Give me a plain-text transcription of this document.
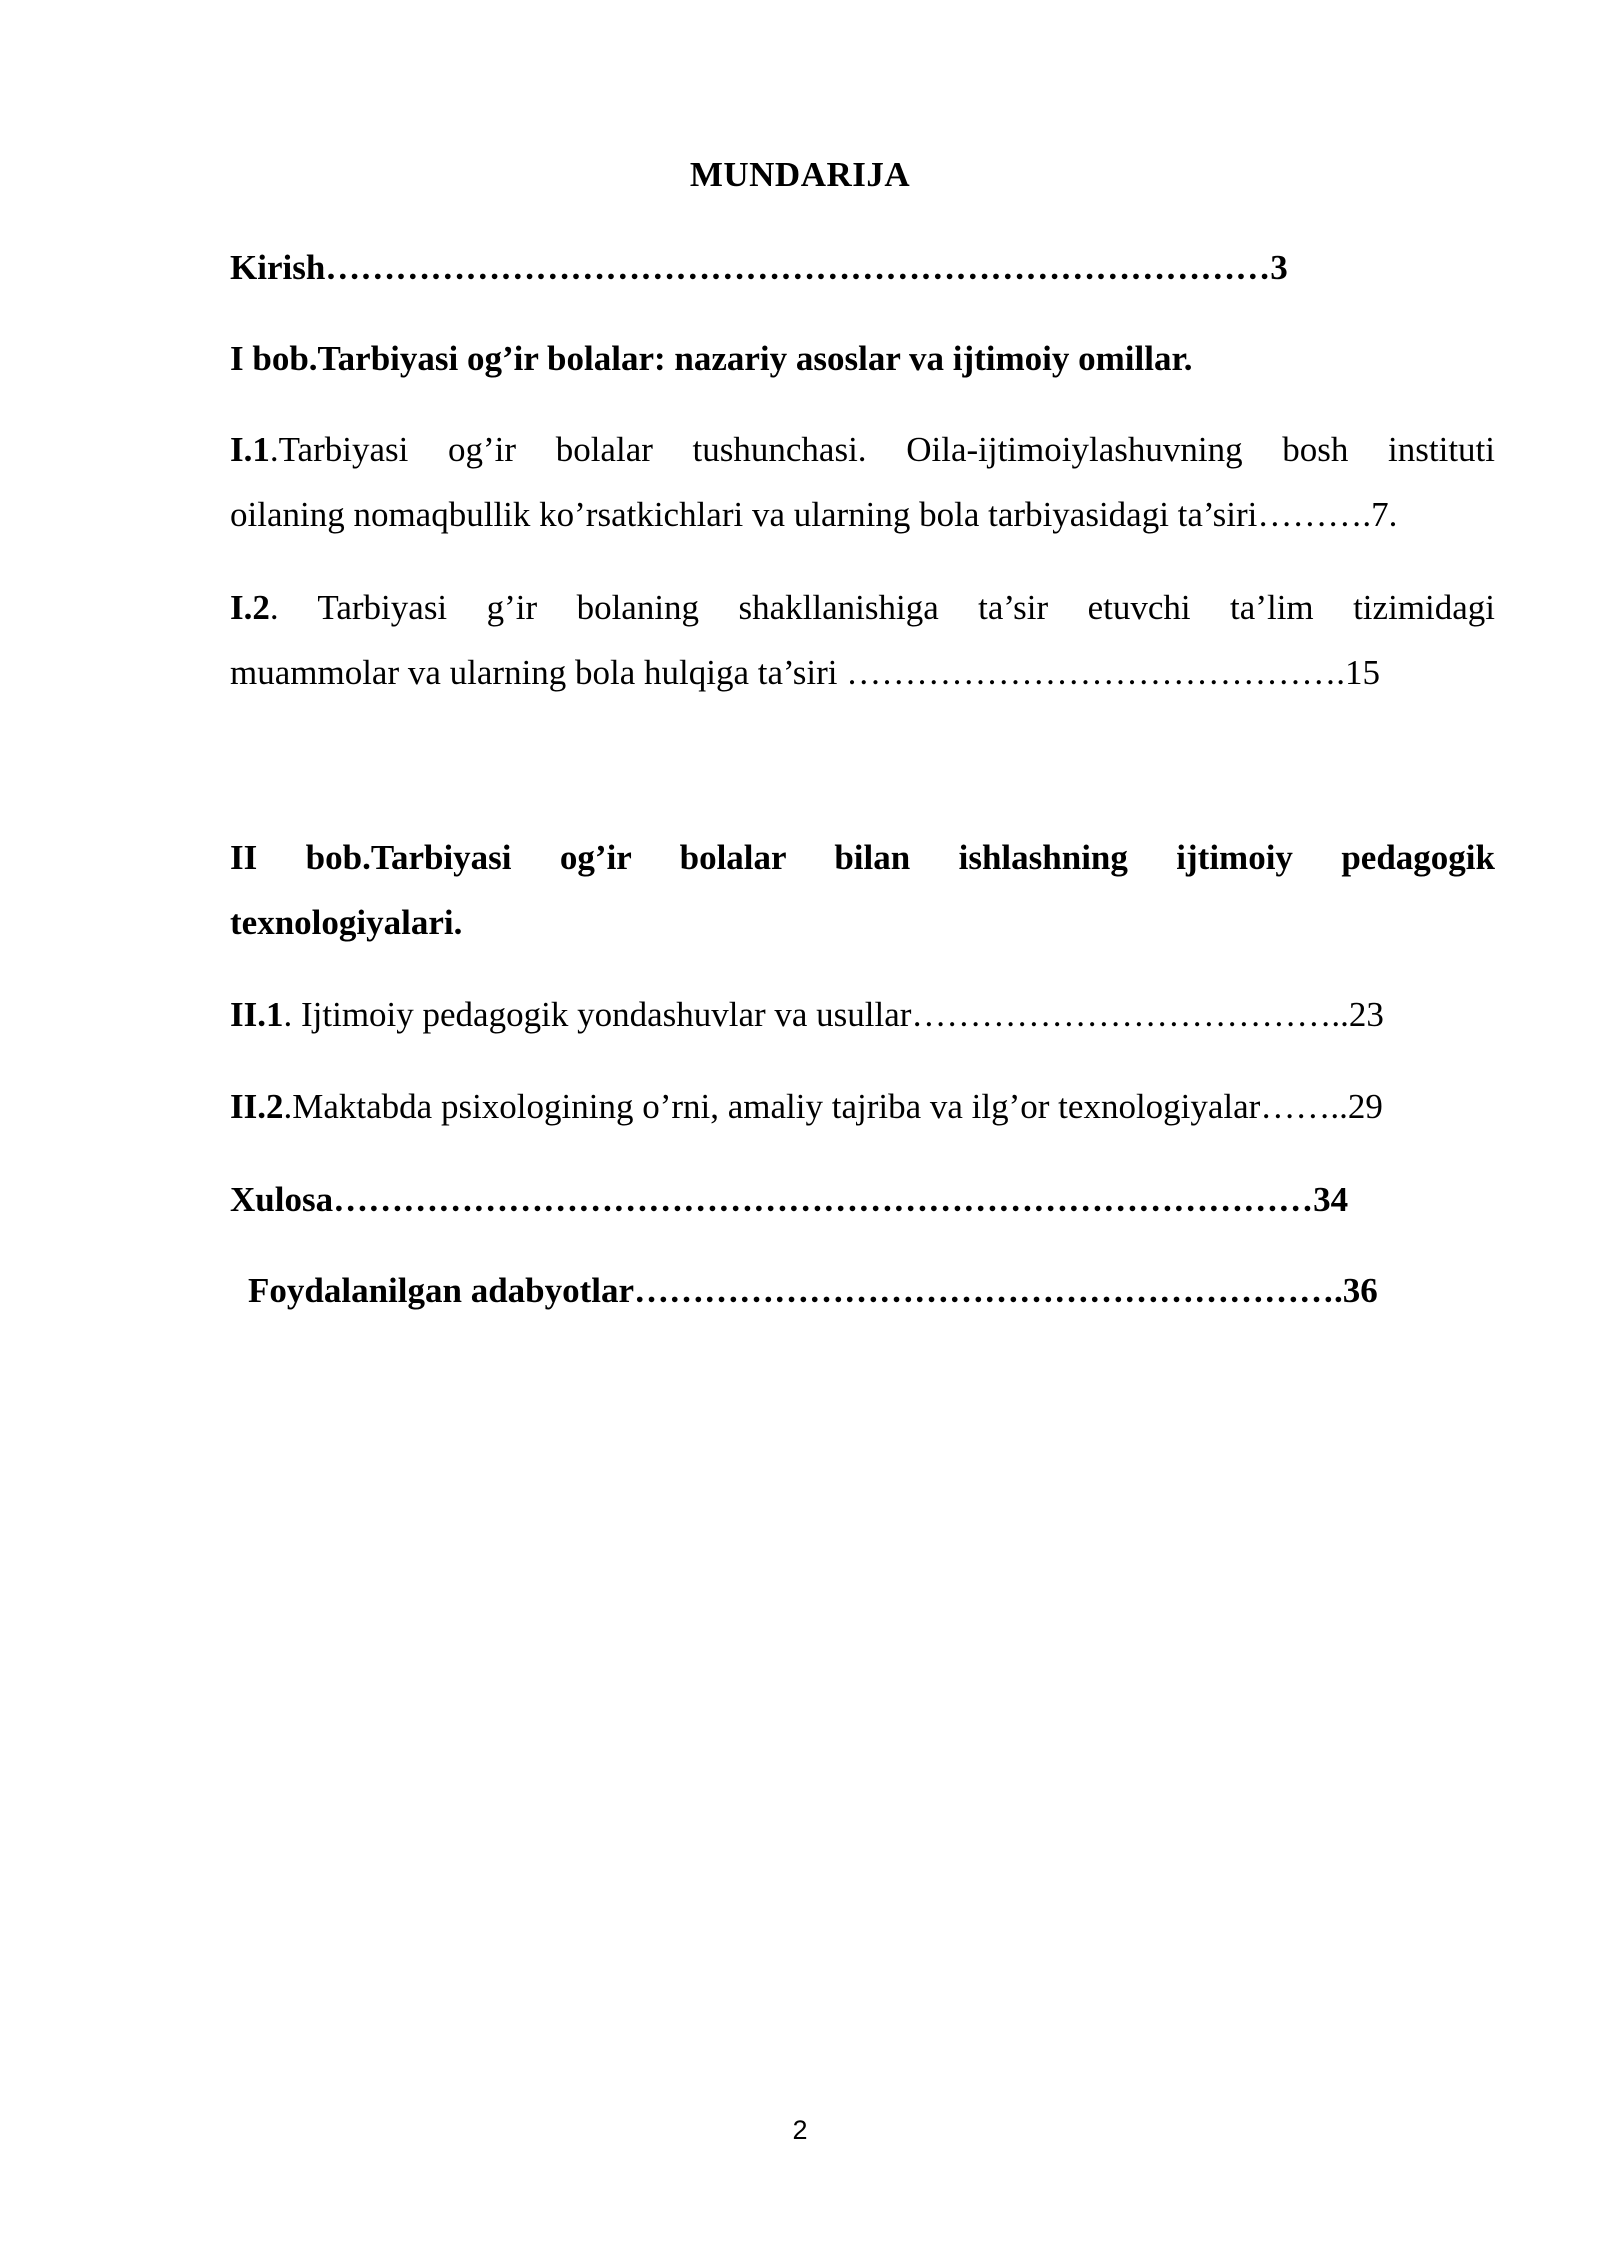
MUNDARIJA
Kirish………………………………………………………………………3
I bob.Tarbiyasi og’ir bolalar: nazariy asoslar va ijtimoiy omillar.
I.1.Tarbiyasi og’ir bolalar tushunchasi. Oila-ijtimoiylashuvning bosh instituti
oilaning nomaqbullik ko’rsatkichlari va ularning bola tarbiyasidagi ta’siri……….7.
I.2. Tarbiyasi g’ir bolaning shakllanishiga ta’sir etuvchi ta’lim tizimidagi
muammolar va ularning bola hulqiga ta’siri …………………………………….15
II bob.Tarbiyasi og’ir bolalar bilan ishlashning ijtimoiy pedagogik
texnologiyalari.
II.1. Ijtimoiy pedagogik yondashuvlar va usullar………………………………..23
II.2.Maktabda psixologining o’rni, amaliy tajriba va ilg’or texnologiyalar……..29
Xulosa…………………………………………………………………………34
Foydalanilgan adabyotlar…………………………………………………….36
2
